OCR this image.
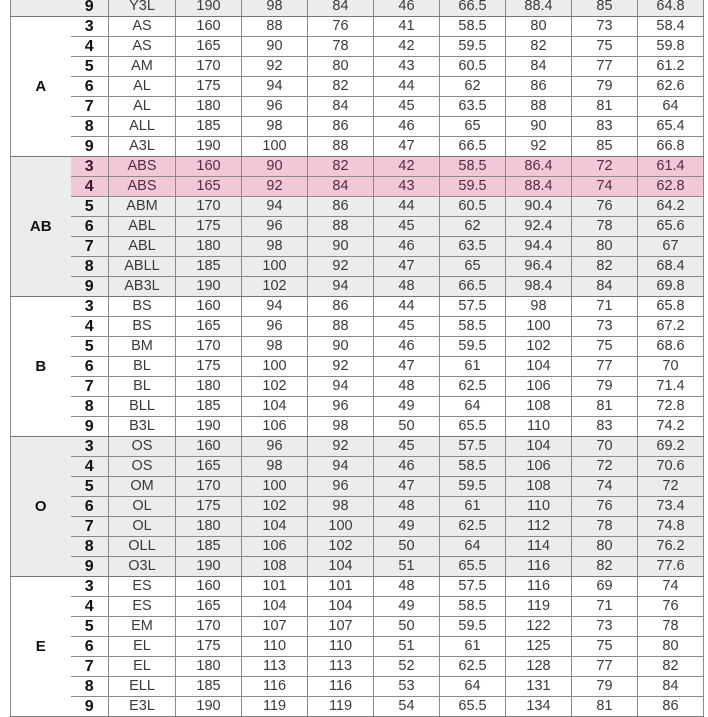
	9	Y3L	190	98	84	46	66.5	88.4	85	64.8
A	3	AS	160	88	76	41	58.5	80	73	58.4
	4	AS	165	90	78	42	59.5	82	75	59.8
	5	AM	170	92	80	43	60.5	84	77	61.2
	6	AL	175	94	82	44	62	86	79	62.6
	7	AL	180	96	84	45	63.5	88	81	64
	8	ALL	185	98	86	46	65	90	83	65.4
	9	A3L	190	100	88	47	66.5	92	85	66.8
AB	3	ABS	160	90	82	42	58.5	86.4	72	61.4
	4	ABS	165	92	84	43	59.5	88.4	74	62.8
	5	ABM	170	94	86	44	60.5	90.4	76	64.2
	6	ABL	175	96	88	45	62	92.4	78	65.6
	7	ABL	180	98	90	46	63.5	94.4	80	67
	8	ABLL	185	100	92	47	65	96.4	82	68.4
	9	AB3L	190	102	94	48	66.5	98.4	84	69.8
B	3	BS	160	94	86	44	57.5	98	71	65.8
	4	BS	165	96	88	45	58.5	100	73	67.2
	5	BM	170	98	90	46	59.5	102	75	68.6
	6	BL	175	100	92	47	61	104	77	70
	7	BL	180	102	94	48	62.5	106	79	71.4
	8	BLL	185	104	96	49	64	108	81	72.8
	9	B3L	190	106	98	50	65.5	110	83	74.2
O	3	OS	160	96	92	45	57.5	104	70	69.2
	4	OS	165	98	94	46	58.5	106	72	70.6
	5	OM	170	100	96	47	59.5	108	74	72
	6	OL	175	102	98	48	61	110	76	73.4
	7	OL	180	104	100	49	62.5	112	78	74.8
	8	OLL	185	106	102	50	64	114	80	76.2
	9	O3L	190	108	104	51	65.5	116	82	77.6
E	3	ES	160	101	101	48	57.5	116	69	74
	4	ES	165	104	104	49	58.5	119	71	76
	5	EM	170	107	107	50	59.5	122	73	78
	6	EL	175	110	110	51	61	125	75	80
	7	EL	180	113	113	52	62.5	128	77	82
	8	ELL	185	116	116	53	64	131	79	84
	9	E3L	190	119	119	54	65.5	134	81	86
